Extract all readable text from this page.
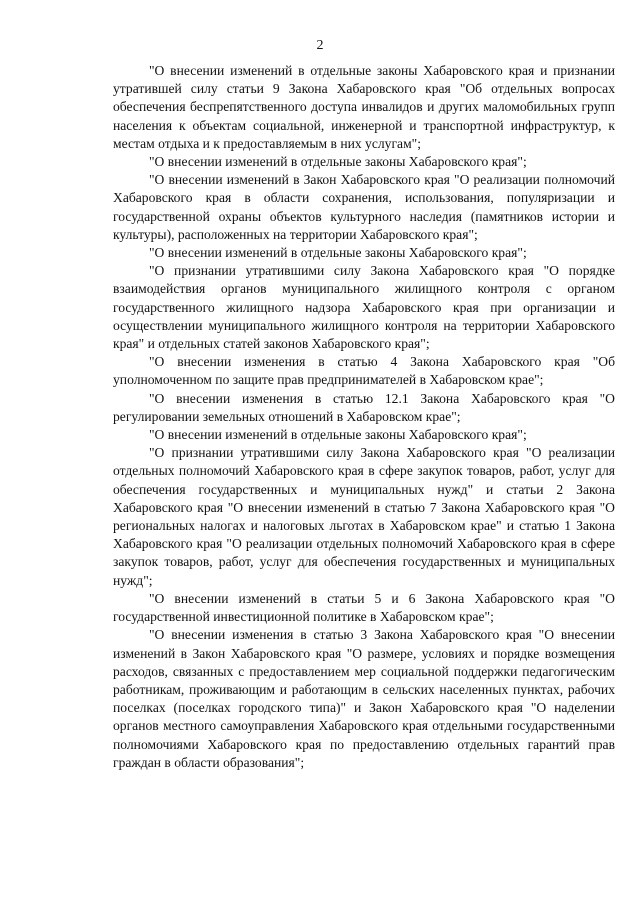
2

"О внесении изменений в отдельные законы Хабаровского края и признании утратившей силу статьи 9 Закона Хабаровского края "Об отдельных вопросах обеспечения беспрепятственного доступа инвалидов и других маломобильных групп населения к объектам социальной, инженерной и транспортной инфраструктур, к местам отдыха и к предоставляемым в них услугам";

"О внесении изменений в отдельные законы Хабаровского края";

"О внесении изменений в Закон Хабаровского края "О реализации полномочий Хабаровского края в области сохранения, использования, популяризации и государственной охраны объектов культурного наследия (памятников истории и культуры), расположенных на территории Хабаровского края";

"О внесении изменений в отдельные законы Хабаровского края";

"О признании утратившими силу Закона Хабаровского края "О порядке взаимодействия органов муниципального жилищного контроля с органом государственного жилищного надзора Хабаровского края при организации и осуществлении муниципального жилищного контроля на территории Хабаровского края" и отдельных статей законов Хабаровского края";

"О внесении изменения в статью 4 Закона Хабаровского края "Об уполномоченном по защите прав предпринимателей в Хабаровском крае";

"О внесении изменения в статью 12.1 Закона Хабаровского края "О регулировании земельных отношений в Хабаровском крае";

"О внесении изменений в отдельные законы Хабаровского края";

"О признании утратившими силу Закона Хабаровского края "О реализации отдельных полномочий Хабаровского края в сфере закупок товаров, работ, услуг для обеспечения государственных и муниципальных нужд" и статьи 2 Закона Хабаровского края "О внесении изменений в статью 7 Закона Хабаровского края "О региональных налогах и налоговых льготах в Хабаровском крае" и статью 1 Закона Хабаровского края "О реализации отдельных полномочий Хабаровского края в сфере закупок товаров, работ, услуг для обеспечения государственных и муниципальных нужд";

"О внесении изменений в статьи 5 и 6 Закона Хабаровского края "О государственной инвестиционной политике в Хабаровском крае";

"О внесении изменения в статью 3 Закона Хабаровского края "О внесении изменений в Закон Хабаровского края "О размере, условиях и порядке возмещения расходов, связанных с предоставлением мер социальной поддержки педагогическим работникам, проживающим и работающим в сельских населенных пунктах, рабочих поселках (поселках городского типа)" и Закон Хабаровского края "О наделении органов местного самоуправления Хабаровского края отдельными государственными полномочиями Хабаровского края по предоставлению отдельных гарантий прав граждан в области образования";
